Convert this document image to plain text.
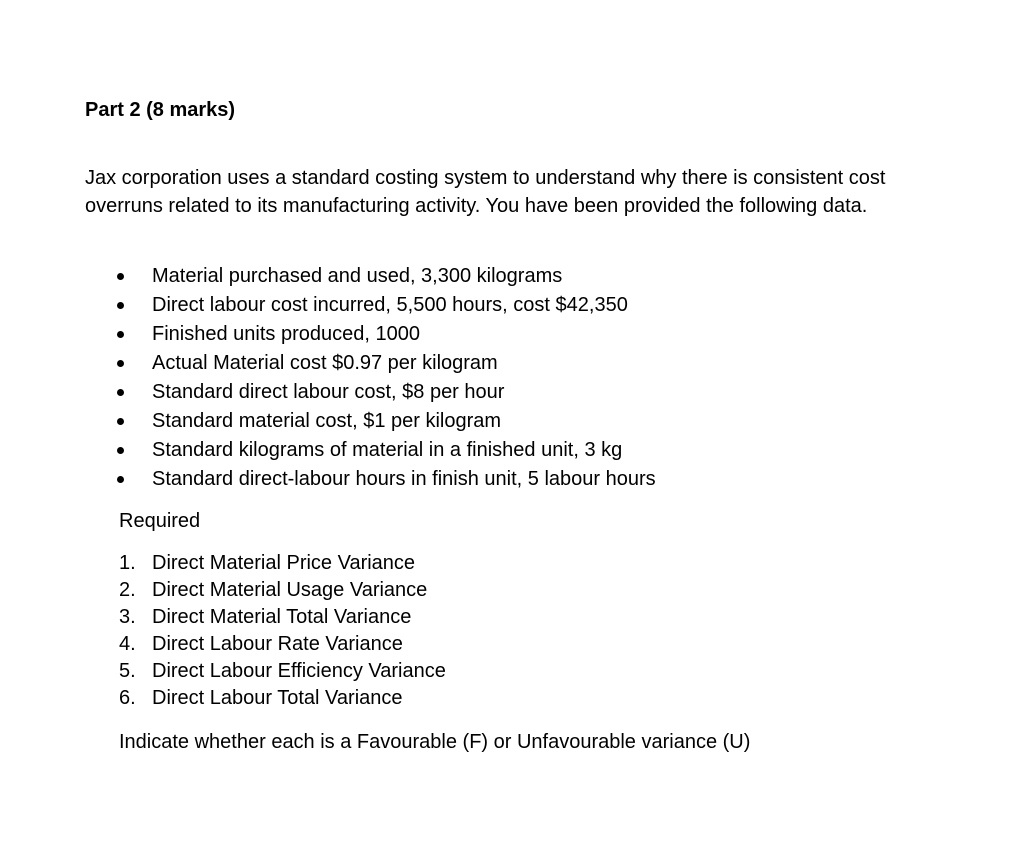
Part 2 (8 marks)

Jax corporation uses a standard costing system to understand why there is consistent cost overruns related to its manufacturing activity. You have been provided the following data.

Material purchased and used, 3,300 kilograms
Direct labour cost incurred, 5,500 hours, cost $42,350
Finished units produced, 1000
Actual Material cost $0.97 per kilogram
Standard direct labour cost, $8 per hour
Standard material cost, $1 per kilogram
Standard kilograms of material in a finished unit, 3 kg
Standard direct-labour hours in finish unit, 5 labour hours

Required

1. Direct Material Price Variance
2. Direct Material Usage Variance
3. Direct Material Total Variance
4. Direct Labour Rate Variance
5. Direct Labour Efficiency Variance
6. Direct Labour Total Variance

Indicate whether each is a Favourable (F) or Unfavourable variance (U)
